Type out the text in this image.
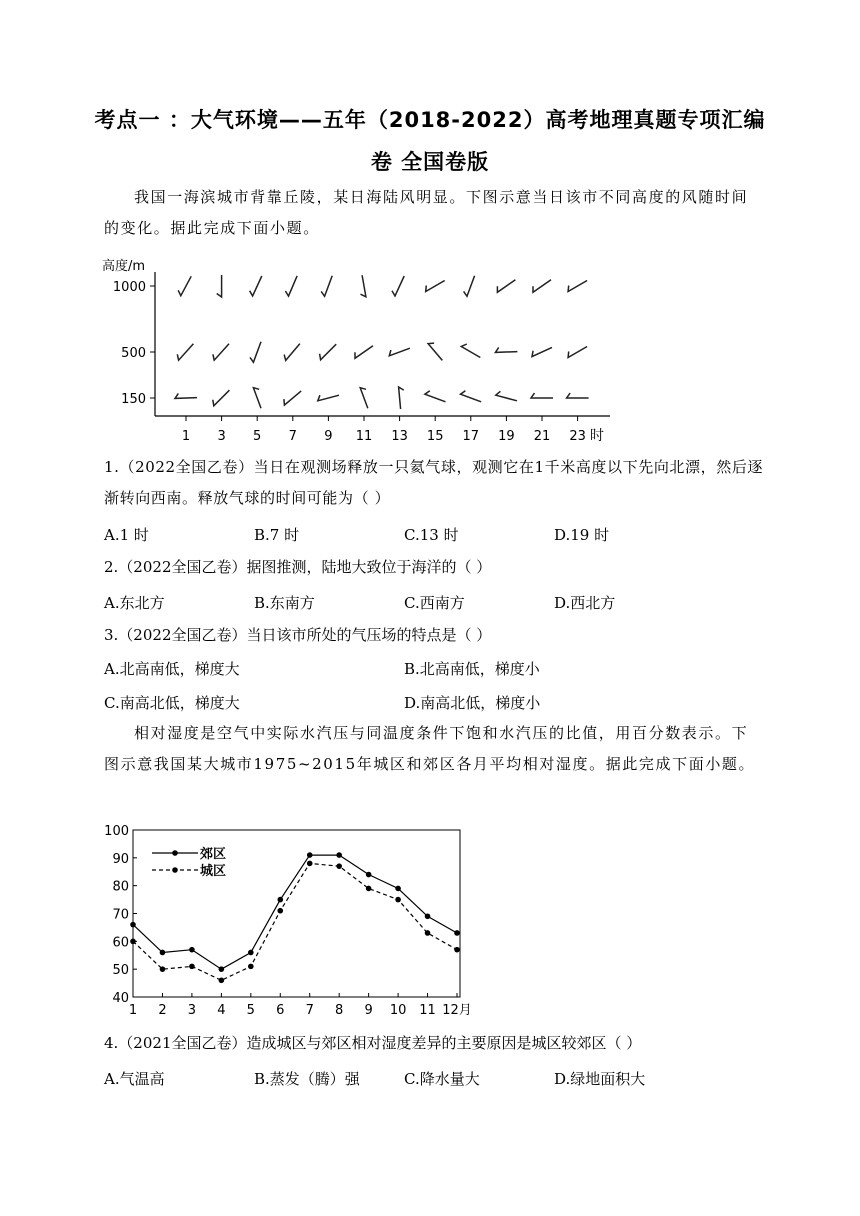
考点一 ：大气环境——五年（2018-2022）高考地理真题专项汇编
卷 全国卷版
我国一海滨城市背靠丘陵，某日海陆风明显。下图示意当日该市不同高度的风随时间的变化。据此完成下面小题。
高度/m
1000
500
150
1 3 5 7 9 11 13 15 17 19 21 23 时
1.（2022全国乙卷）当日在观测场释放一只氦气球，观测它在1千米高度以下先向北漂，然后逐渐转向西南。释放气球的时间可能为（ ）
A.1 时	B.7 时	C.13 时	D.19 时
2.（2022全国乙卷）据图推测，陆地大致位于海洋的（ ）
A.东北方	B.东南方	C.西南方	D.西北方
3.（2022全国乙卷）当日该市所处的气压场的特点是（ ）
A.北高南低，梯度大	B.北高南低，梯度小
C.南高北低，梯度大	D.南高北低，梯度小
相对湿度是空气中实际水汽压与同温度条件下饱和水汽压的比值，用百分数表示。下图示意我国某大城市1975~2015年城区和郊区各月平均相对湿度。据此完成下面小题。
40
50
60
70
80
90
100
1 2 3 4 5 6 7 8 9 10 11 12月
郊区
城区
4.（2021全国乙卷）造成城区与郊区相对湿度差异的主要原因是城区较郊区（ ）
A.气温高	B.蒸发（腾）强	C.降水量大	D.绿地面积大
